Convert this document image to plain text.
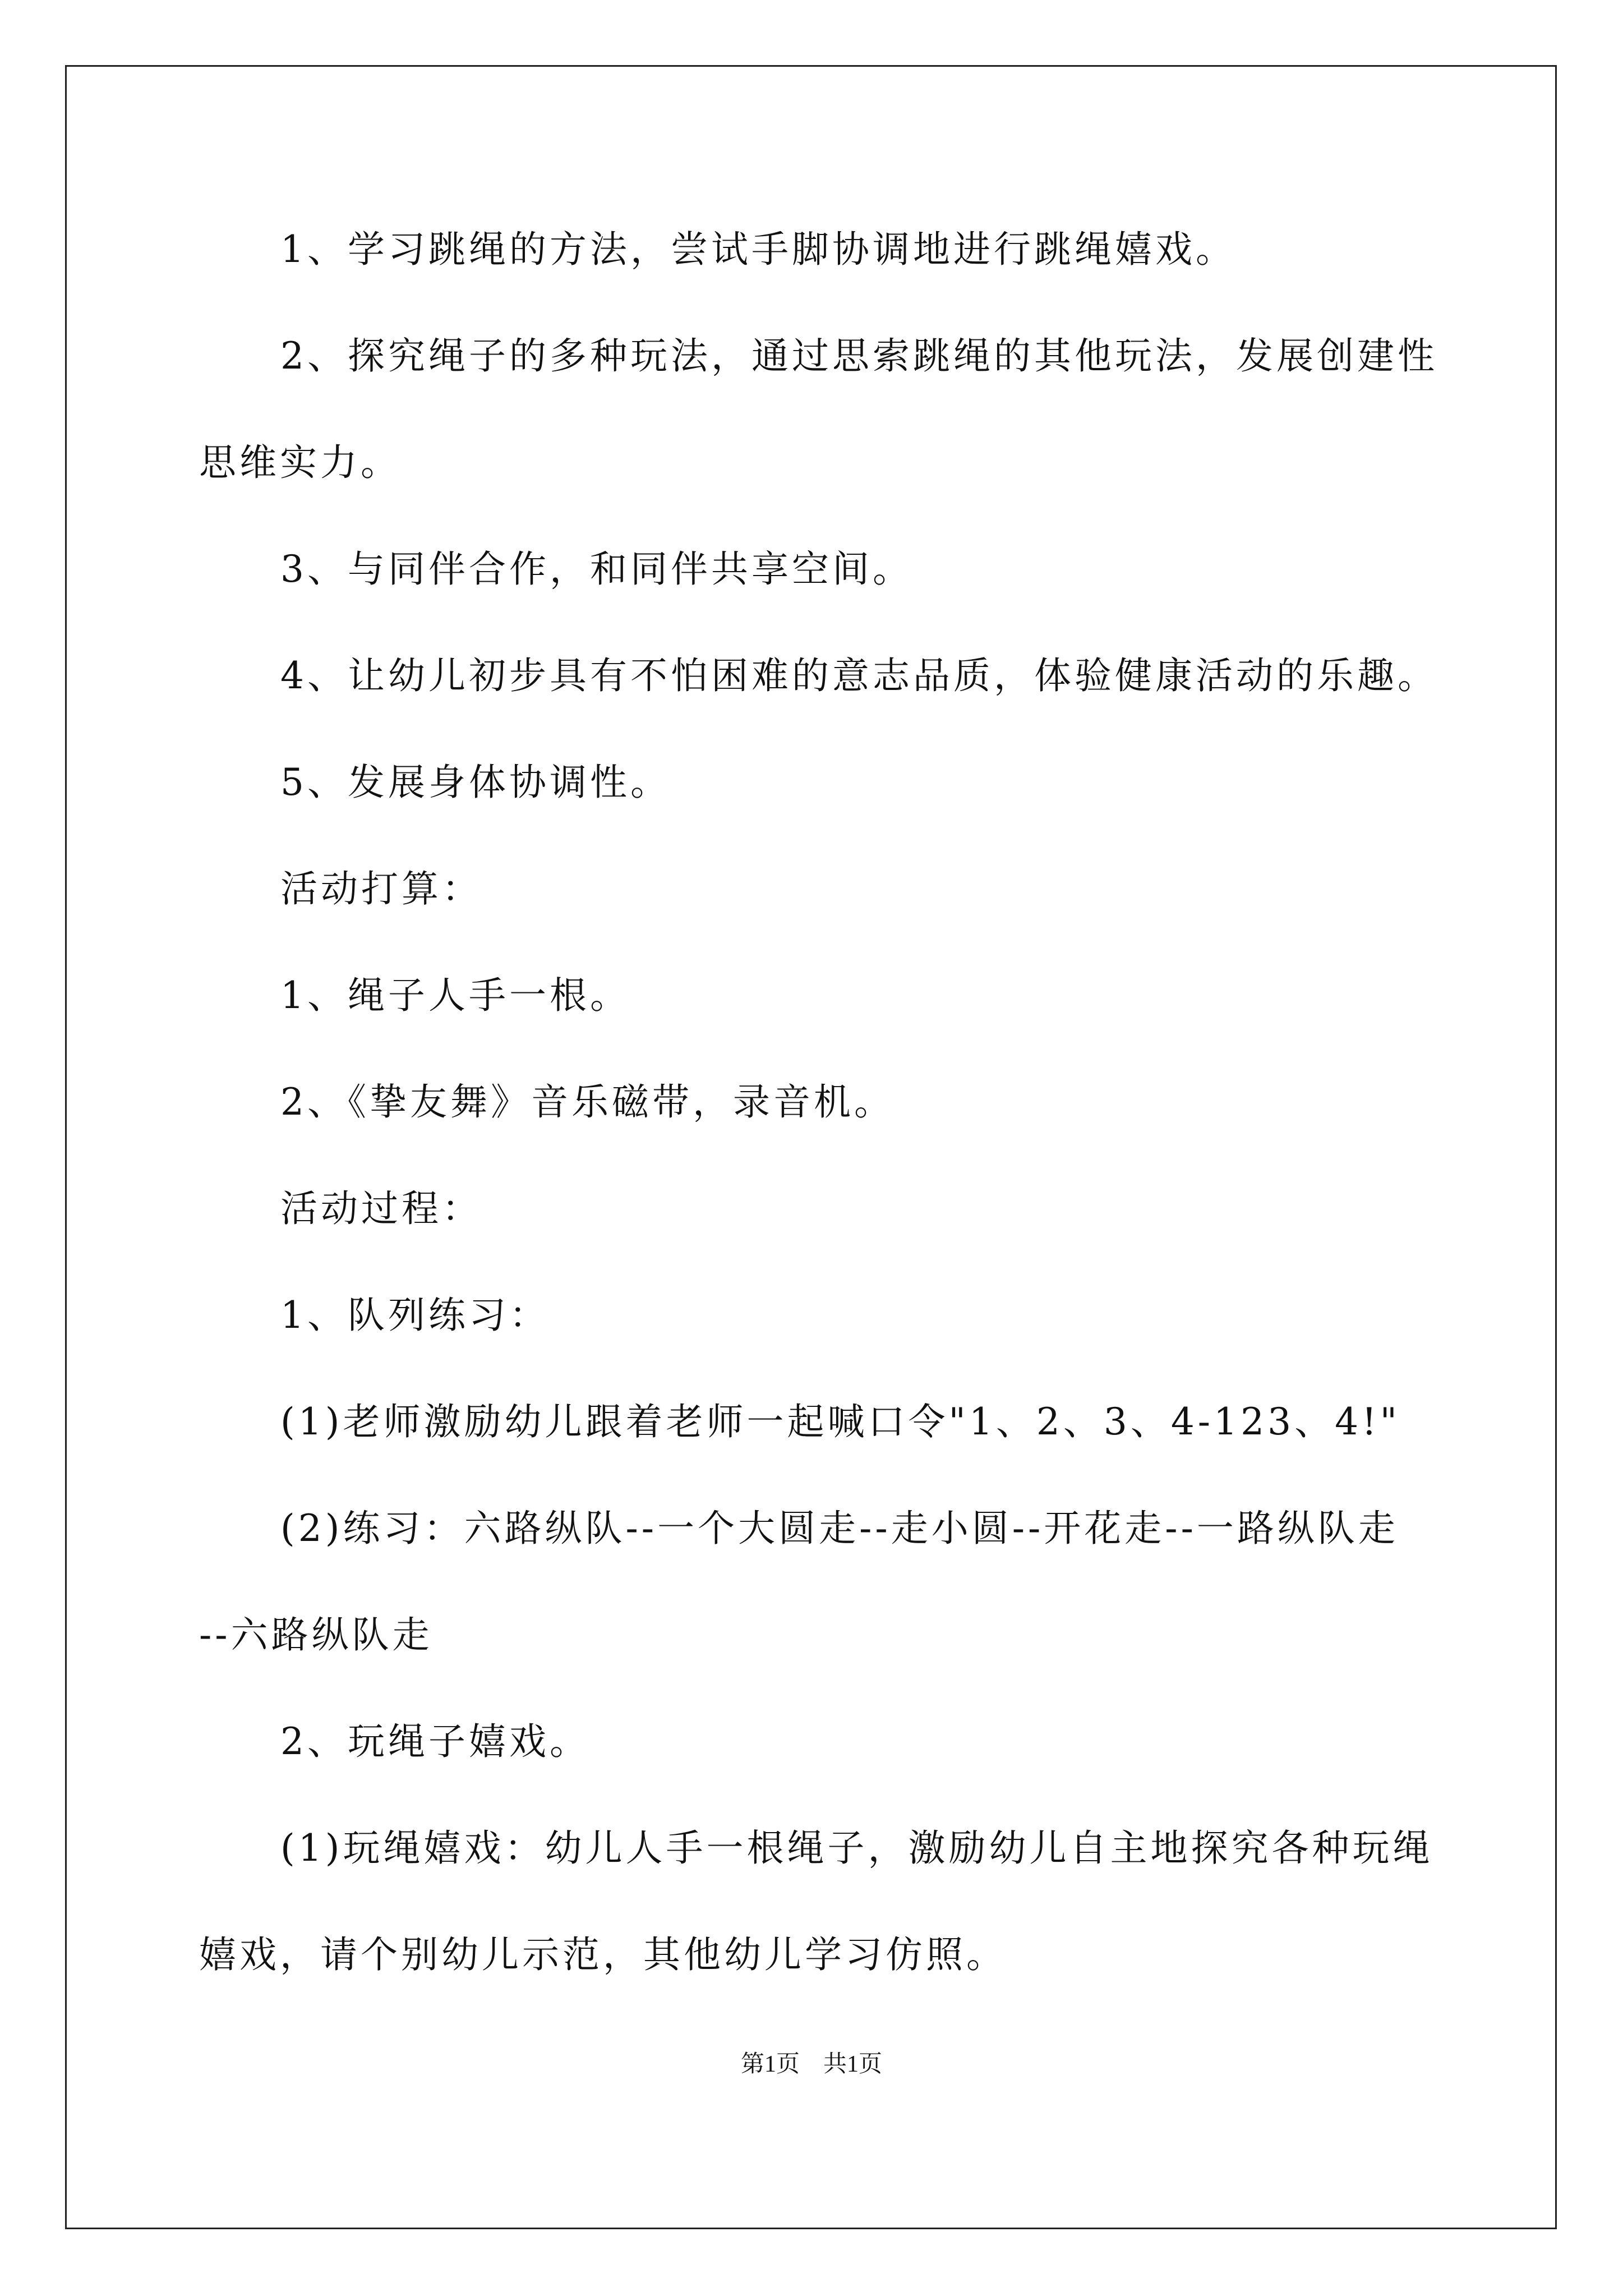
1、学习跳绳的方法，尝试手脚协调地进行跳绳嬉戏。

2、探究绳子的多种玩法，通过思索跳绳的其他玩法，发展创建性

思维实力。

3、与同伴合作，和同伴共享空间。

4、让幼儿初步具有不怕困难的意志品质，体验健康活动的乐趣。

5、发展身体协调性。

活动打算：

1、绳子人手一根。

2、《挚友舞》音乐磁带，录音机。

活动过程：

1、队列练习：

(1)老师激励幼儿跟着老师一起喊口令"1、2、3、4-123、4!"

(2)练习：六路纵队--一个大圆走--走小圆--开花走--一路纵队走

--六路纵队走

2、玩绳子嬉戏。

(1)玩绳嬉戏：幼儿人手一根绳子，激励幼儿自主地探究各种玩绳

嬉戏，请个别幼儿示范，其他幼儿学习仿照。

第1页　共1页
